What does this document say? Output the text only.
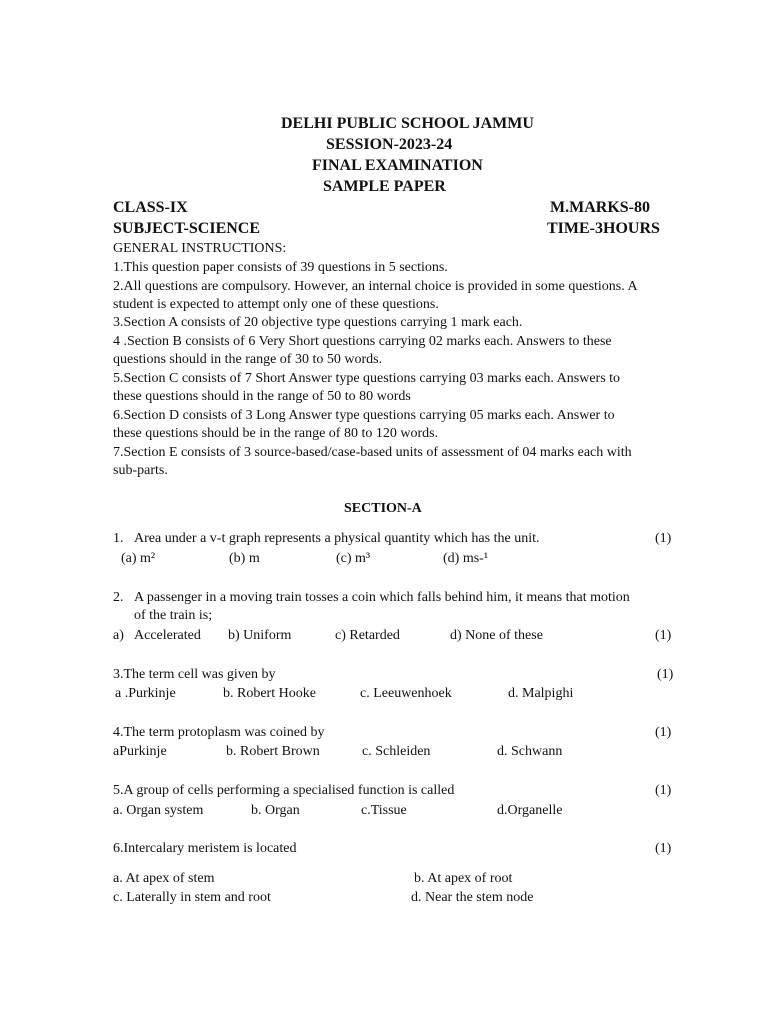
DELHI PUBLIC SCHOOL JAMMU
SESSION-2023-24
FINAL EXAMINATION
SAMPLE PAPER
CLASS-IX	M.MARKS-80
SUBJECT-SCIENCE	TIME-3HOURS
GENERAL INSTRUCTIONS:
1.This question paper consists of 39 questions in 5 sections.
2.All questions are compulsory. However, an internal choice is provided in some questions. A
student is expected to attempt only one of these questions.
3.Section A consists of 20 objective type questions carrying 1 mark each.
4 .Section B consists of 6 Very Short questions carrying 02 marks each. Answers to these
questions should in the range of 30 to 50 words.
5.Section C consists of 7 Short Answer type questions carrying 03 marks each. Answers to
these questions should in the range of 50 to 80 words
6.Section D consists of 3 Long Answer type questions carrying 05 marks each. Answer to
these questions should be in the range of 80 to 120 words.
7.Section E consists of 3 source-based/case-based units of assessment of 04 marks each with
sub-parts.
SECTION-A
1. Area under a v-t graph represents a physical quantity which has the unit.	(1)
(a) m²	(b) m	(c) m³	(d) ms-¹
2. A passenger in a moving train tosses a coin which falls behind him, it means that motion
of the train is;
a) Accelerated b) Uniform	c) Retarded	d) None of these	(1)
3.The term cell was given by	(1)
a .Purkinje	b. Robert Hooke	c. Leeuwenhoek	d. Malpighi
4.The term protoplasm was coined by	(1)
aPurkinje	b. Robert Brown	c. Schleiden	d. Schwann
5.A group of cells performing a specialised function is called	(1)
a. Organ system	b. Organ	c.Tissue	d.Organelle
6.Intercalary meristem is located	(1)
a. At apex of stem	b. At apex of root
c. Laterally in stem and root	d. Near the stem node
